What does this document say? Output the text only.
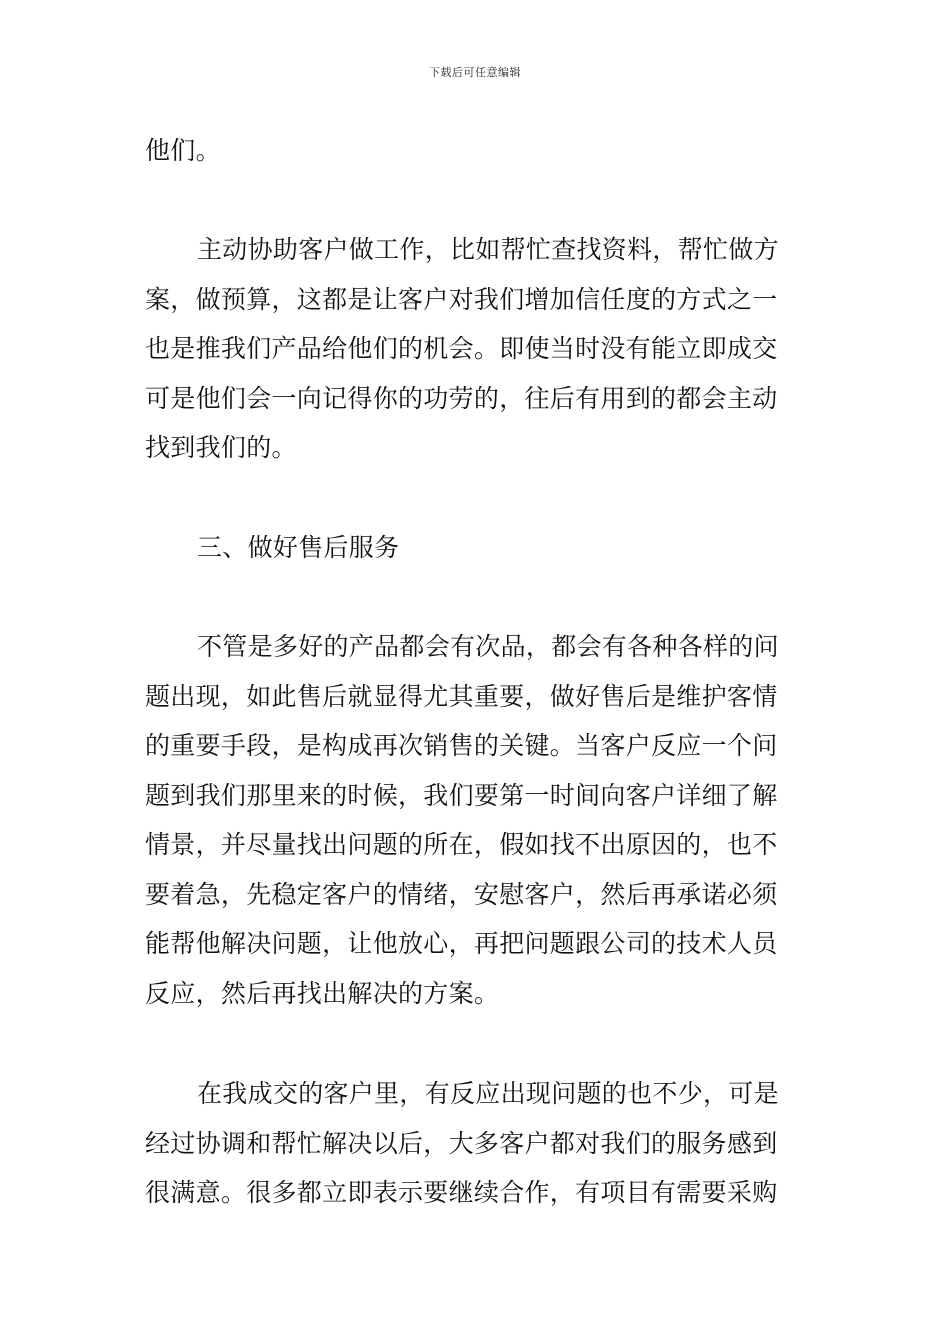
下载后可任意编辑
他们。
主动协助客户做工作，比如帮忙查找资料，帮忙做方
案，做预算，这都是让客户对我们增加信任度的方式之一
也是推我们产品给他们的机会。即使当时没有能立即成交
可是他们会一向记得你的功劳的，往后有用到的都会主动
找到我们的。
三、做好售后服务
不管是多好的产品都会有次品，都会有各种各样的问
题出现，如此售后就显得尤其重要，做好售后是维护客情
的重要手段，是构成再次销售的关键。当客户反应一个问
题到我们那里来的时候，我们要第一时间向客户详细了解
情景，并尽量找出问题的所在，假如找不出原因的，也不
要着急，先稳定客户的情绪，安慰客户，然后再承诺必须
能帮他解决问题，让他放心，再把问题跟公司的技术人员
反应，然后再找出解决的方案。
在我成交的客户里，有反应出现问题的也不少，可是
经过协调和帮忙解决以后，大多客户都对我们的服务感到
很满意。很多都立即表示要继续合作，有项目有需要采购
